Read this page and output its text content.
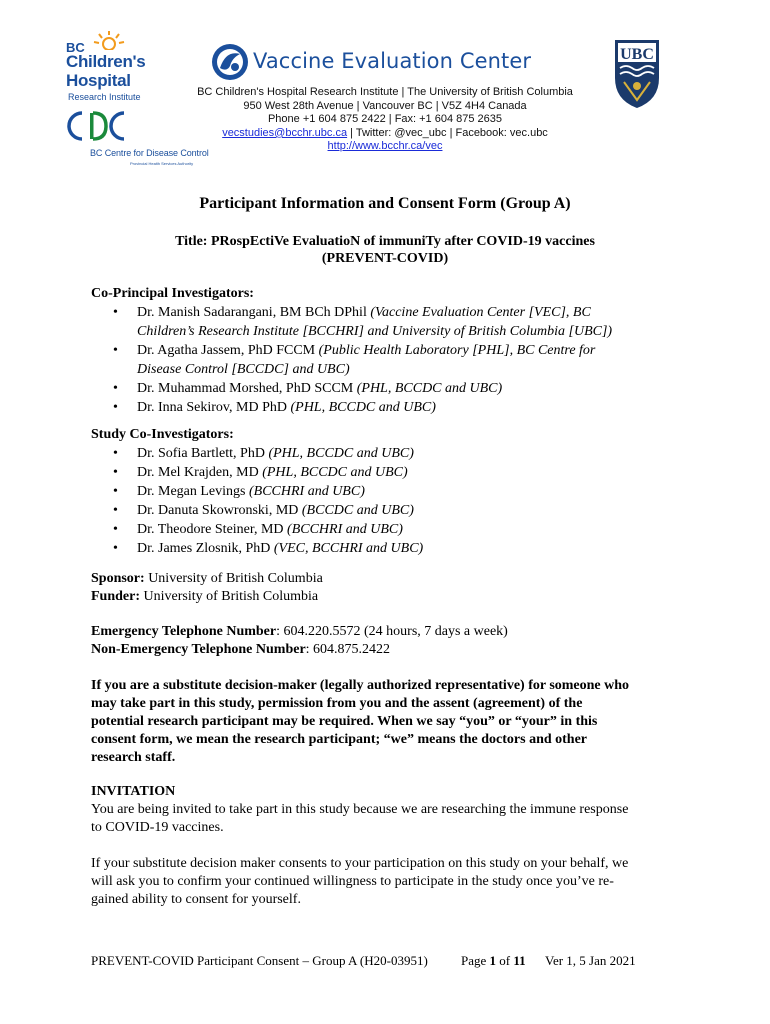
BC
Children's
Hospital
Research Institute
BC Centre for Disease Control
Provincial Health Services Authority
Vaccine Evaluation Center
BC Children's Hospital Research Institute | The University of British Columbia
950 West 28th Avenue | Vancouver BC | V5Z 4H4 Canada
Phone +1 604 875 2422 | Fax: +1 604 875 2635
vecstudies@bcchr.ubc.ca | Twitter: @vec_ubc | Facebook: vec.ubc
http://www.bcchr.ca/vec
UBC
Participant Information and Consent Form (Group A)
Title: PRospEctiVe EvaluatioN of immuniTy after COVID-19 vaccines
(PREVENT-COVID)
Co-Principal Investigators:
• Dr. Manish Sadarangani, BM BCh DPhil (Vaccine Evaluation Center [VEC], BC
Children’s Research Institute [BCCHRI] and University of British Columbia [UBC])
• Dr. Agatha Jassem, PhD FCCM (Public Health Laboratory [PHL], BC Centre for
Disease Control [BCCDC] and UBC)
• Dr. Muhammad Morshed, PhD SCCM (PHL, BCCDC and UBC)
• Dr. Inna Sekirov, MD PhD (PHL, BCCDC and UBC)
Study Co-Investigators:
• Dr. Sofia Bartlett, PhD (PHL, BCCDC and UBC)
• Dr. Mel Krajden, MD (PHL, BCCDC and UBC)
• Dr. Megan Levings (BCCHRI and UBC)
• Dr. Danuta Skowronski, MD (BCCDC and UBC)
• Dr. Theodore Steiner, MD (BCCHRI and UBC)
• Dr. James Zlosnik, PhD (VEC, BCCHRI and UBC)
Sponsor: University of British Columbia
Funder: University of British Columbia
Emergency Telephone Number: 604.220.5572 (24 hours, 7 days a week)
Non-Emergency Telephone Number: 604.875.2422
If you are a substitute decision-maker (legally authorized representative) for someone who
may take part in this study, permission from you and the assent (agreement) of the
potential research participant may be required. When we say “you” or “your” in this
consent form, we mean the research participant; “we” means the doctors and other
research staff.
INVITATION
You are being invited to take part in this study because we are researching the immune response
to COVID-19 vaccines.
If your substitute decision maker consents to your participation on this study on your behalf, we
will ask you to confirm your continued willingness to participate in the study once you’ve re-
gained ability to consent for yourself.
PREVENT-COVID Participant Consent – Group A (H20-03951)	Page 1 of 11 Ver 1, 5 Jan 2021
